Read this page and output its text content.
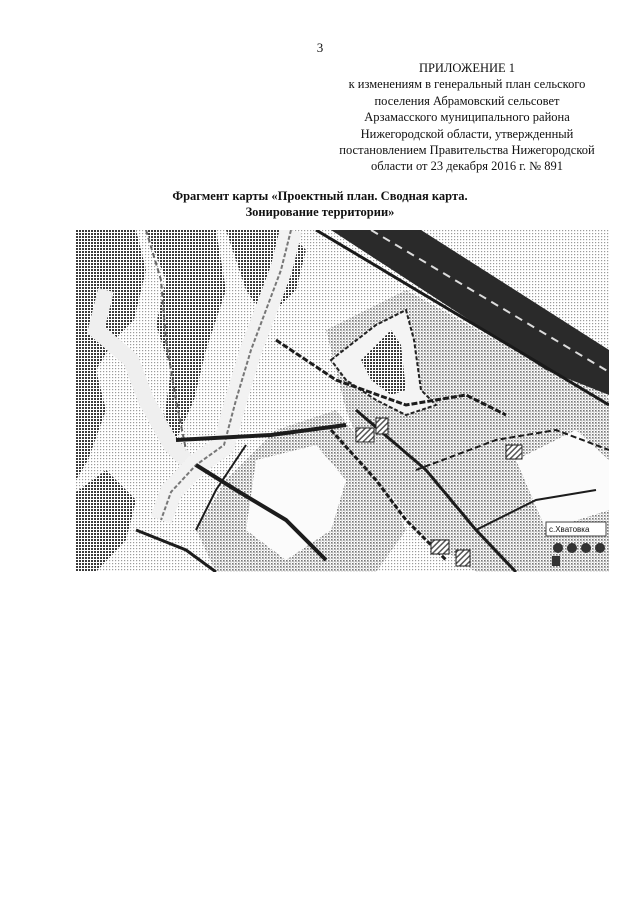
3
ПРИЛОЖЕНИЕ 1
к изменениям в генеральный план сельского
поселения Абрамовский сельсовет
Арзамасского муниципального района
Нижегородской области, утвержденный
постановлением Правительства Нижегородской
области от 23 декабря 2016 г. № 891
Фрагмент карты «Проектный план. Сводная карта.
Зонирование территории»
с.Хватовка
